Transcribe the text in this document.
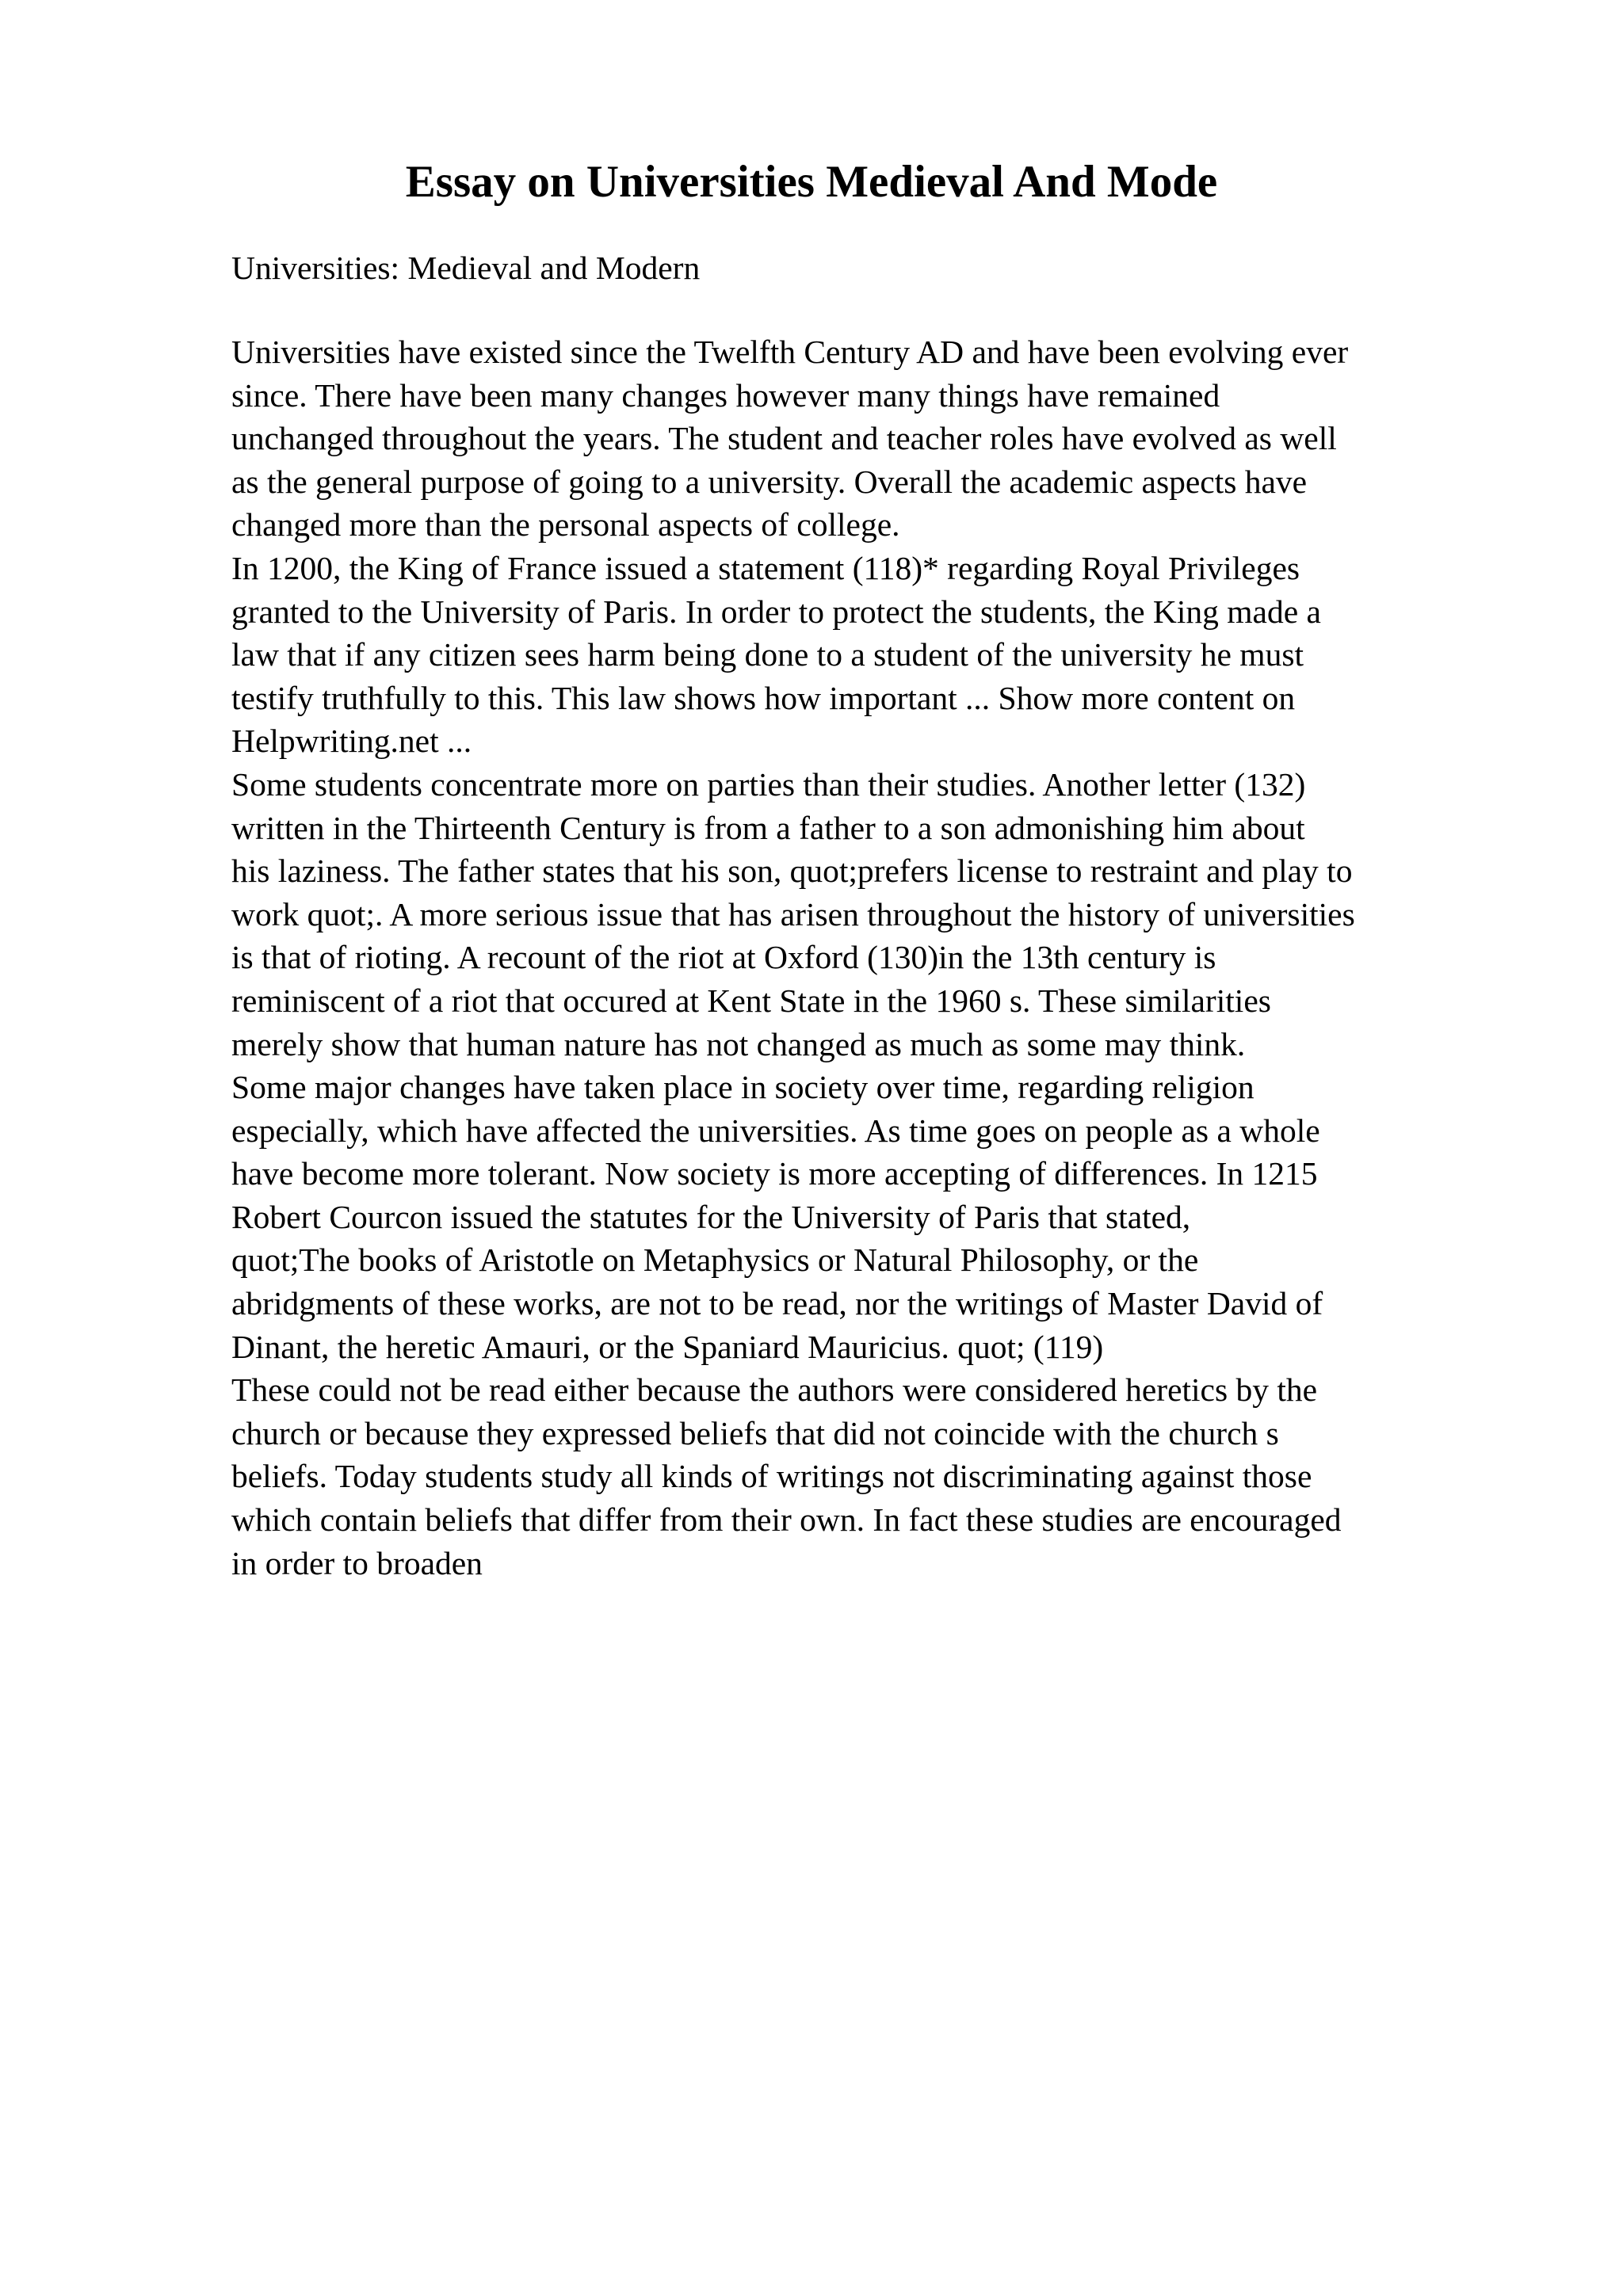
Essay on Universities Medieval And Mode

Universities: Medieval and Modern

Universities have existed since the Twelfth Century AD and have been evolving ever
since. There have been many changes however many things have remained
unchanged throughout the years. The student and teacher roles have evolved as well
as the general purpose of going to a university. Overall the academic aspects have
changed more than the personal aspects of college.
In 1200, the King of France issued a statement (118)* regarding Royal Privileges
granted to the University of Paris. In order to protect the students, the King made a
law that if any citizen sees harm being done to a student of the university he must
testify truthfully to this. This law shows how important ... Show more content on
Helpwriting.net ...
Some students concentrate more on parties than their studies. Another letter (132)
written in the Thirteenth Century is from a father to a son admonishing him about
his laziness. The father states that his son, quot;prefers license to restraint and play to
work quot;. A more serious issue that has arisen throughout the history of universities
is that of rioting. A recount of the riot at Oxford (130)in the 13th century is
reminiscent of a riot that occured at Kent State in the 1960 s. These similarities
merely show that human nature has not changed as much as some may think.
Some major changes have taken place in society over time, regarding religion
especially, which have affected the universities. As time goes on people as a whole
have become more tolerant. Now society is more accepting of differences. In 1215
Robert Courcon issued the statutes for the University of Paris that stated,
quot;The books of Aristotle on Metaphysics or Natural Philosophy, or the
abridgments of these works, are not to be read, nor the writings of Master David of
Dinant, the heretic Amauri, or the Spaniard Mauricius. quot; (119)
These could not be read either because the authors were considered heretics by the
church or because they expressed beliefs that did not coincide with the church s
beliefs. Today students study all kinds of writings not discriminating against those
which contain beliefs that differ from their own. In fact these studies are encouraged
in order to broaden
